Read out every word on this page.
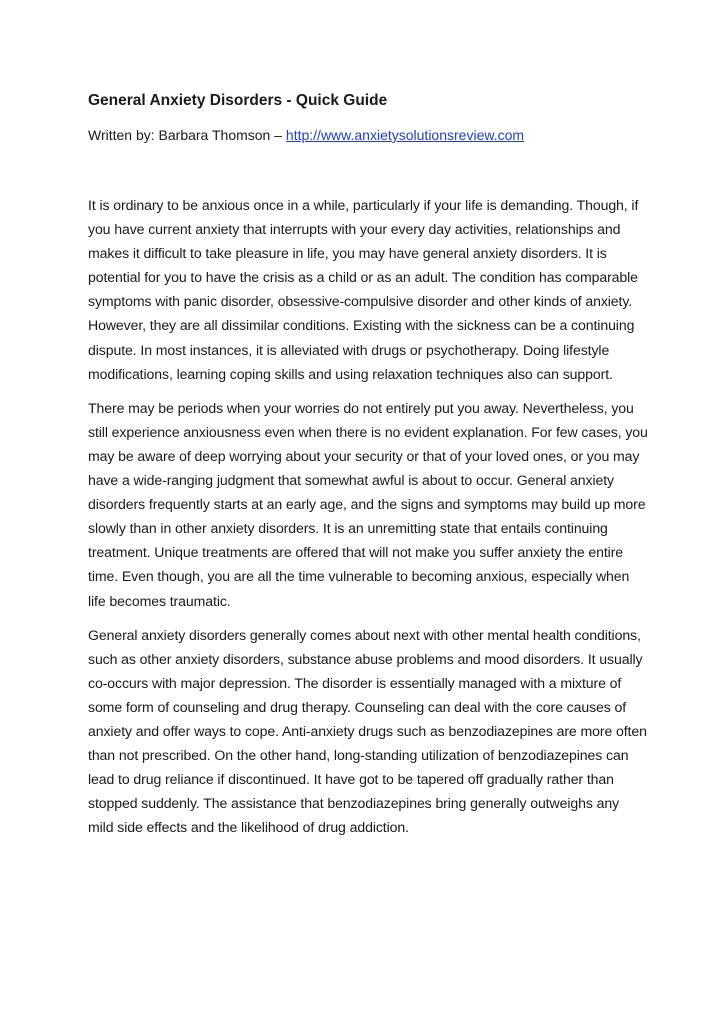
General Anxiety Disorders - Quick Guide

Written by: Barbara Thomson – http://www.anxietysolutionsreview.com

It is ordinary to be anxious once in a while, particularly if your life is demanding. Though, if you have current anxiety that interrupts with your every day activities, relationships and makes it difficult to take pleasure in life, you may have general anxiety disorders. It is potential for you to have the crisis as a child or as an adult. The condition has comparable symptoms with panic disorder, obsessive-compulsive disorder and other kinds of anxiety. However, they are all dissimilar conditions. Existing with the sickness can be a continuing dispute. In most instances, it is alleviated with drugs or psychotherapy. Doing lifestyle modifications, learning coping skills and using relaxation techniques also can support.

There may be periods when your worries do not entirely put you away. Nevertheless, you still experience anxiousness even when there is no evident explanation. For few cases, you may be aware of deep worrying about your security or that of your loved ones, or you may have a wide-ranging judgment that somewhat awful is about to occur. General anxiety disorders frequently starts at an early age, and the signs and symptoms may build up more slowly than in other anxiety disorders. It is an unremitting state that entails continuing treatment. Unique treatments are offered that will not make you suffer anxiety the entire time. Even though, you are all the time vulnerable to becoming anxious, especially when life becomes traumatic.

General anxiety disorders generally comes about next with other mental health conditions, such as other anxiety disorders, substance abuse problems and mood disorders. It usually co-occurs with major depression. The disorder is essentially managed with a mixture of some form of counseling and drug therapy. Counseling can deal with the core causes of anxiety and offer ways to cope. Anti-anxiety drugs such as benzodiazepines are more often than not prescribed. On the other hand, long-standing utilization of benzodiazepines can lead to drug reliance if discontinued. It have got to be tapered off gradually rather than stopped suddenly. The assistance that benzodiazepines bring generally outweighs any mild side effects and the likelihood of drug addiction.
